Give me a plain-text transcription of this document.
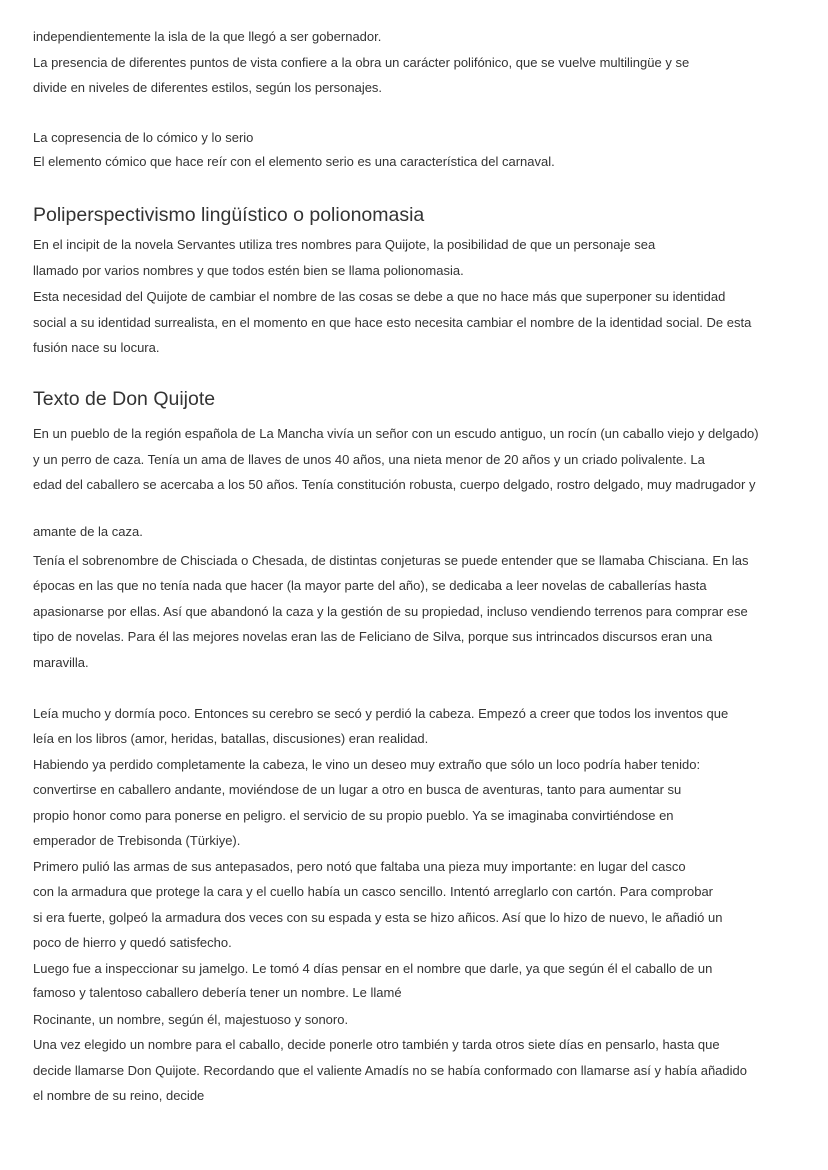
independientemente la isla de la que llegó a ser gobernador.
La presencia de diferentes puntos de vista confiere a la obra un carácter polifónico, que se vuelve multilingüe y se
divide en niveles de diferentes estilos, según los personajes.
La copresencia de lo cómico y lo serio
El elemento cómico que hace reír con el elemento serio es una característica del carnaval.
Poliperspectivismo lingüístico o polionomasia
En el incipit de la novela Servantes utiliza tres nombres para Quijote, la posibilidad de que un personaje sea
llamado por varios nombres y que todos estén bien se llama polionomasia.
Esta necesidad del Quijote de cambiar el nombre de las cosas se debe a que no hace más que superponer su identidad
social a su identidad surrealista, en el momento en que hace esto necesita cambiar el nombre de la identidad social. De esta
fusión nace su locura.
Texto de Don Quijote
En un pueblo de la región española de La Mancha vivía un señor con un escudo antiguo, un rocín (un caballo viejo y delgado)
y un perro de caza. Tenía un ama de llaves de unos 40 años, una nieta menor de 20 años y un criado polivalente. La
edad del caballero se acercaba a los 50 años. Tenía constitución robusta, cuerpo delgado, rostro delgado, muy madrugador y
amante de la caza.
Tenía el sobrenombre de Chisciada o Chesada, de distintas conjeturas se puede entender que se llamaba Chisciana. En las
épocas en las que no tenía nada que hacer (la mayor parte del año), se dedicaba a leer novelas de caballerías hasta
apasionarse por ellas. Así que abandonó la caza y la gestión de su propiedad, incluso vendiendo terrenos para comprar ese
tipo de novelas. Para él las mejores novelas eran las de Feliciano de Silva, porque sus intrincados discursos eran una
maravilla.
Leía mucho y dormía poco. Entonces su cerebro se secó y perdió la cabeza. Empezó a creer que todos los inventos que
leía en los libros (amor, heridas, batallas, discusiones) eran realidad.
Habiendo ya perdido completamente la cabeza, le vino un deseo muy extraño que sólo un loco podría haber tenido:
convertirse en caballero andante, moviéndose de un lugar a otro en busca de aventuras, tanto para aumentar su
propio honor como para ponerse en peligro. el servicio de su propio pueblo. Ya se imaginaba convirtiéndose en
emperador de Trebisonda (Türkiye).
Primero pulió las armas de sus antepasados, pero notó que faltaba una pieza muy importante: en lugar del casco
con la armadura que protege la cara y el cuello había un casco sencillo. Intentó arreglarlo con cartón. Para comprobar
si era fuerte, golpeó la armadura dos veces con su espada y esta se hizo añicos. Así que lo hizo de nuevo, le añadió un
poco de hierro y quedó satisfecho.
Luego fue a inspeccionar su jamelgo. Le tomó 4 días pensar en el nombre que darle, ya que según él el caballo de un
famoso y talentoso caballero debería tener un nombre. Le llamé
Rocinante, un nombre, según él, majestuoso y sonoro.
Una vez elegido un nombre para el caballo, decide ponerle otro también y tarda otros siete días en pensarlo, hasta que
decide llamarse Don Quijote. Recordando que el valiente Amadís no se había conformado con llamarse así y había añadido
el nombre de su reino, decide
